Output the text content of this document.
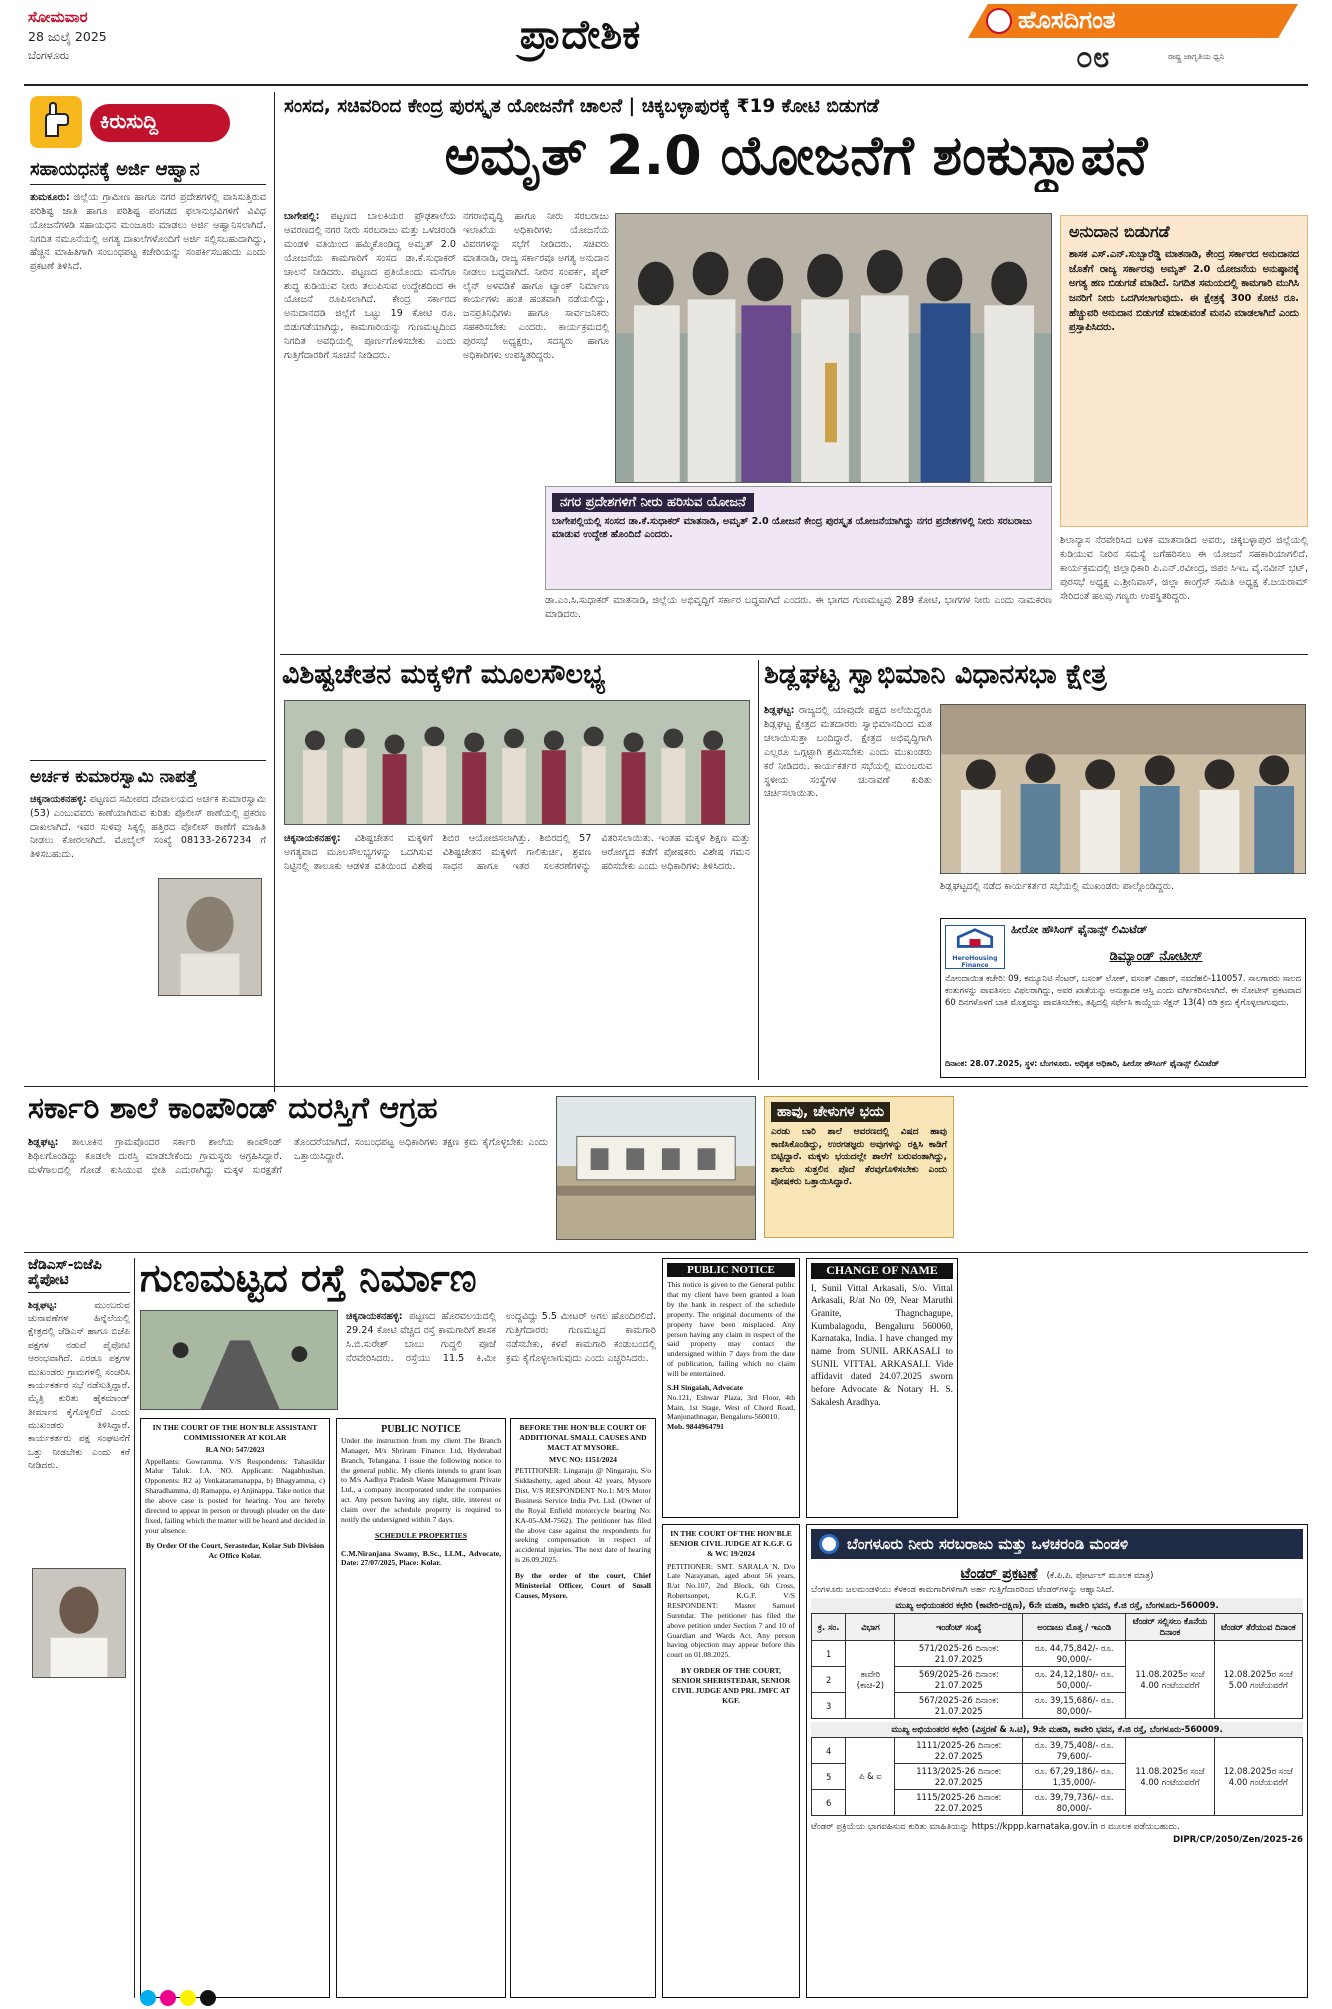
ಸೋಮವಾರ
28 ಜುಲೈ 2025
ಬೆಂಗಳೂರು	ಪ್ರಾದೇಶಿಕ	ಹೊಸದಿಗಂತ
೦೮	ರಾಷ್ಟ್ರ ಜಾಗೃತಿಯ ಧ್ವನಿ
ಕಿರುಸುದ್ದಿ
ಸಹಾಯಧನಕ್ಕೆ ಅರ್ಜಿ ಆಹ್ವಾನ
ತುಮಕೂರು: ಜಿಲ್ಲೆಯ ಗ್ರಾಮೀಣ ಹಾಗೂ ನಗರ ಪ್ರದೇಶಗಳಲ್ಲಿ ವಾಸಿಸುತ್ತಿರುವ ಪರಿಶಿಷ್ಟ ಜಾತಿ ಹಾಗೂ ಪರಿಶಿಷ್ಟ ಪಂಗಡದ ಫಲಾನುಭವಿಗಳಿಗೆ ವಿವಿಧ ಯೋಜನೆಗಳಡಿ ಸಹಾಯಧನ ಮಂಜೂರು ಮಾಡಲು ಅರ್ಜಿ ಆಹ್ವಾನಿಸಲಾಗಿದೆ. ನಿಗದಿತ ನಮೂನೆಯಲ್ಲಿ ಅಗತ್ಯ ದಾಖಲೆಗಳೊಂದಿಗೆ ಅರ್ಜಿ ಸಲ್ಲಿಸಬಹುದಾಗಿದ್ದು, ಹೆಚ್ಚಿನ ಮಾಹಿತಿಗಾಗಿ ಸಂಬಂಧಪಟ್ಟ ಕಚೇರಿಯನ್ನು ಸಂಪರ್ಕಿಸಬಹುದು ಎಂದು ಪ್ರಕಟಣೆ ತಿಳಿಸಿದೆ.
ಅರ್ಚಕ ಕುಮಾರಸ್ವಾಮಿ ನಾಪತ್ತೆ
ಚಿಕ್ಕನಾಯಕನಹಳ್ಳಿ: ಪಟ್ಟಣದ ಸಮೀಪದ ದೇವಾಲಯದ ಅರ್ಚಕ ಕುಮಾರಸ್ವಾಮಿ (53) ಎಂಬುವವರು ಕಾಣೆಯಾಗಿರುವ ಕುರಿತು ಪೊಲೀಸ್ ಠಾಣೆಯಲ್ಲಿ ಪ್ರಕರಣ ದಾಖಲಾಗಿದೆ. ಇವರ ಸುಳಿವು ಸಿಕ್ಕಲ್ಲಿ ಹತ್ತಿರದ ಪೊಲೀಸ್ ಠಾಣೆಗೆ ಮಾಹಿತಿ ನೀಡಲು ಕೋರಲಾಗಿದೆ. ಮೊಬೈಲ್ ಸಂಖ್ಯೆ 08133-267234 ಗೆ ತಿಳಿಸಬಹುದು.
ಸಂಸದ, ಸಚಿವರಿಂದ ಕೇಂದ್ರ ಪುರಸ್ಕೃತ ಯೋಜನೆಗೆ ಚಾಲನೆ | ಚಿಕ್ಕಬಳ್ಳಾಪುರಕ್ಕೆ ₹19 ಕೋಟಿ ಬಿಡುಗಡೆ
ಅಮೃತ್ 2.0 ಯೋಜನೆಗೆ ಶಂಕುಸ್ಥಾಪನೆ
ಬಾಗೇಪಲ್ಲಿ: ಪಟ್ಟಣದ ಬಾಲಕಿಯರ ಪ್ರೌಢಶಾಲೆಯ ಆವರಣದಲ್ಲಿ ನಗರ ನೀರು ಸರಬರಾಜು ಮತ್ತು ಒಳಚರಂಡಿ ಮಂಡಳಿ ವತಿಯಿಂದ ಹಮ್ಮಿಕೊಂಡಿದ್ದ ಅಮೃತ್ 2.0 ಯೋಜನೆಯ ಕಾಮಗಾರಿಗೆ ಸಂಸದ ಡಾ.ಕೆ.ಸುಧಾಕರ್ ಚಾಲನೆ ನೀಡಿದರು. ಪಟ್ಟಣದ ಪ್ರತಿಯೊಂದು ಮನೆಗೂ ಶುದ್ಧ ಕುಡಿಯುವ ನೀರು ತಲುಪಿಸುವ ಉದ್ದೇಶದಿಂದ ಈ ಯೋಜನೆ ರೂಪಿಸಲಾಗಿದೆ. ಕೇಂದ್ರ ಸರ್ಕಾರದ ಅನುದಾನದಡಿ ಜಿಲ್ಲೆಗೆ ಒಟ್ಟು 19 ಕೋಟಿ ರೂ. ಬಿಡುಗಡೆಯಾಗಿದ್ದು, ಕಾಮಗಾರಿಯನ್ನು ಗುಣಮಟ್ಟದಿಂದ ನಿಗದಿತ ಅವಧಿಯಲ್ಲಿ ಪೂರ್ಣಗೊಳಿಸಬೇಕು ಎಂದು ಗುತ್ತಿಗೆದಾರರಿಗೆ ಸೂಚನೆ ನೀಡಿದರು.
ನಗರಾಭಿವೃದ್ಧಿ ಹಾಗೂ ನೀರು ಸರಬರಾಜು ಇಲಾಖೆಯ ಅಧಿಕಾರಿಗಳು ಯೋಜನೆಯ ವಿವರಗಳನ್ನು ಸಭೆಗೆ ನೀಡಿದರು. ಸಚಿವರು ಮಾತನಾಡಿ, ರಾಜ್ಯ ಸರ್ಕಾರವೂ ಅಗತ್ಯ ಅನುದಾನ ನೀಡಲು ಬದ್ಧವಾಗಿದೆ. ನೀರಿನ ಸಂಪರ್ಕ, ಪೈಪ್ ಲೈನ್ ಅಳವಡಿಕೆ ಹಾಗೂ ಟ್ಯಾಂಕ್ ನಿರ್ಮಾಣ ಕಾರ್ಯಗಳು ಹಂತ ಹಂತವಾಗಿ ನಡೆಯಲಿದ್ದು, ಜನಪ್ರತಿನಿಧಿಗಳು ಹಾಗೂ ಸಾರ್ವಜನಿಕರು ಸಹಕರಿಸಬೇಕು ಎಂದರು. ಕಾರ್ಯಕ್ರಮದಲ್ಲಿ ಪುರಸಭೆ ಅಧ್ಯಕ್ಷರು, ಸದಸ್ಯರು ಹಾಗೂ ಅಧಿಕಾರಿಗಳು ಉಪಸ್ಥಿತರಿದ್ದರು.
ನಗರ ಪ್ರದೇಶಗಳಿಗೆ ನೀರು ಹರಿಸುವ ಯೋಜನೆ
ಬಾಗೇಪಲ್ಲಿಯಲ್ಲಿ ಸಂಸದ ಡಾ.ಕೆ.ಸುಧಾಕರ್ ಮಾತನಾಡಿ, ಅಮೃತ್ 2.0 ಯೋಜನೆ ಕೇಂದ್ರ ಪುರಸ್ಕೃತ ಯೋಜನೆಯಾಗಿದ್ದು ನಗರ ಪ್ರದೇಶಗಳಲ್ಲಿ ನೀರು ಸರಬರಾಜು ಮಾಡುವ ಉದ್ದೇಶ ಹೊಂದಿದೆ ಎಂದರು.
ಡಾ.ಎಂ.ಸಿ.ಸುಧಾಕರ್ ಮಾತನಾಡಿ, ಜಿಲ್ಲೆಯ ಅಭಿವೃದ್ಧಿಗೆ ಸರ್ಕಾರ ಬದ್ಧವಾಗಿದೆ ಎಂದರು. ಈ ಭಾಗದ ಗುಣಮಟ್ಟವು 289 ಕೋಟಿ, ಭಾಗಗಳ ನೀರು ಎಂದು ನಾಮಕರಣ ಮಾಡಿದರು.
ಅನುದಾನ ಬಿಡುಗಡೆ
ಶಾಸಕ ಎಸ್.ಎನ್.ಸುಬ್ಬಾರೆಡ್ಡಿ ಮಾತನಾಡಿ, ಕೇಂದ್ರ ಸರ್ಕಾರದ ಅನುದಾನದ ಜೊತೆಗೆ ರಾಜ್ಯ ಸರ್ಕಾರವು ಅಮೃತ್ 2.0 ಯೋಜನೆಯ ಅನುಷ್ಠಾನಕ್ಕೆ ಅಗತ್ಯ ಹಣ ಬಿಡುಗಡೆ ಮಾಡಿದೆ. ನಿಗದಿತ ಸಮಯದಲ್ಲಿ ಕಾಮಗಾರಿ ಮುಗಿಸಿ ಜನರಿಗೆ ನೀರು ಒದಗಿಸಲಾಗುವುದು. ಈ ಕ್ಷೇತ್ರಕ್ಕೆ 300 ಕೋಟಿ ರೂ. ಹೆಚ್ಚುವರಿ ಅನುದಾನ ಬಿಡುಗಡೆ ಮಾಡುವಂತೆ ಮನವಿ ಮಾಡಲಾಗಿದೆ ಎಂದು ಪ್ರಸ್ತಾಪಿಸಿದರು.
ಶಿಲಾನ್ಯಾಸ ನೆರವೇರಿಸಿದ ಬಳಿಕ ಮಾತನಾಡಿದ ಅವರು, ಚಿಕ್ಕಬಳ್ಳಾಪುರ ಜಿಲ್ಲೆಯಲ್ಲಿ ಕುಡಿಯುವ ನೀರಿನ ಸಮಸ್ಯೆ ಬಗೆಹರಿಸಲು ಈ ಯೋಜನೆ ಸಹಕಾರಿಯಾಗಲಿದೆ. ಕಾರ್ಯಕ್ರಮದಲ್ಲಿ ಜಿಲ್ಲಾಧಿಕಾರಿ ಪಿ.ಎನ್.ರವೀಂದ್ರ, ಜಿಪಂ ಸಿಇಒ ವೈ.ನವೀನ್ ಭಟ್, ಪುರಸಭೆ ಅಧ್ಯಕ್ಷ ಎ.ಶ್ರೀನಿವಾಸ್, ಜಿಲ್ಲಾ ಕಾಂಗ್ರೆಸ್ ಸಮಿತಿ ಅಧ್ಯಕ್ಷ ಕೆ.ಜಯರಾಮ್ ಸೇರಿದಂತೆ ಹಲವು ಗಣ್ಯರು ಉಪಸ್ಥಿತರಿದ್ದರು.
ವಿಶಿಷ್ಟಚೇತನ ಮಕ್ಕಳಿಗೆ ಮೂಲಸೌಲಭ್ಯ
ಚಿಕ್ಕನಾಯಕನಹಳ್ಳಿ: ವಿಶಿಷ್ಟಚೇತನ ಮಕ್ಕಳಿಗೆ ಅಗತ್ಯವಾದ ಮೂಲಸೌಲಭ್ಯಗಳನ್ನು ಒದಗಿಸುವ ನಿಟ್ಟಿನಲ್ಲಿ ತಾಲೂಕು ಆಡಳಿತ ವತಿಯಿಂದ ವಿಶೇಷ ಶಿಬಿರ ಆಯೋಜಿಸಲಾಗಿತ್ತು. ಶಿಬಿರದಲ್ಲಿ 57 ವಿಶಿಷ್ಟಚೇತನ ಮಕ್ಕಳಿಗೆ ಗಾಲಿಕುರ್ಚಿ, ಶ್ರವಣ ಸಾಧನ ಹಾಗೂ ಇತರ ಸಲಕರಣೆಗಳನ್ನು ವಿತರಿಸಲಾಯಿತು. ಇಂತಹ ಮಕ್ಕಳ ಶಿಕ್ಷಣ ಮತ್ತು ಆರೋಗ್ಯದ ಕಡೆಗೆ ಪೋಷಕರು ವಿಶೇಷ ಗಮನ ಹರಿಸಬೇಕು ಎಂದು ಅಧಿಕಾರಿಗಳು ತಿಳಿಸಿದರು.
ಶಿಡ್ಲಘಟ್ಟ ಸ್ವಾಭಿಮಾನಿ ವಿಧಾನಸಭಾ ಕ್ಷೇತ್ರ
ಶಿಡ್ಲಘಟ್ಟ: ರಾಜ್ಯದಲ್ಲಿ ಯಾವುದೇ ಪಕ್ಷದ ಅಲೆಯಿದ್ದರೂ ಶಿಡ್ಲಘಟ್ಟ ಕ್ಷೇತ್ರದ ಮತದಾರರು ಸ್ವಾಭಿಮಾನದಿಂದ ಮತ ಚಲಾಯಿಸುತ್ತಾ ಬಂದಿದ್ದಾರೆ. ಕ್ಷೇತ್ರದ ಅಭಿವೃದ್ಧಿಗಾಗಿ ಎಲ್ಲರೂ ಒಗ್ಗಟ್ಟಾಗಿ ಶ್ರಮಿಸಬೇಕು ಎಂದು ಮುಖಂಡರು ಕರೆ ನೀಡಿದರು. ಕಾರ್ಯಕರ್ತರ ಸಭೆಯಲ್ಲಿ ಮುಂಬರುವ ಸ್ಥಳೀಯ ಸಂಸ್ಥೆಗಳ ಚುನಾವಣೆ ಕುರಿತು ಚರ್ಚಿಸಲಾಯಿತು.
ಶಿಡ್ಲಘಟ್ಟದಲ್ಲಿ ನಡೆದ ಕಾರ್ಯಕರ್ತರ ಸಭೆಯಲ್ಲಿ ಮುಖಂಡರು ಪಾಲ್ಗೊಂಡಿದ್ದರು.
HeroHousing Finance
ಹೀರೋ ಹೌಸಿಂಗ್ ಫೈನಾನ್ಸ್ ಲಿಮಿಟೆಡ್
ಡಿಮ್ಯಾಂಡ್ ನೋಟೀಸ್
ನೋಂದಾಯಿತ ಕಚೇರಿ: 09, ಕಮ್ಯೂನಿಟಿ ಸೆಂಟರ್, ಬಸಂತ್ ಲೋಕ್, ವಸಂತ್ ವಿಹಾರ್, ನವದೆಹಲಿ-110057. ಸಾಲಗಾರರು ಸಾಲದ ಕಂತುಗಳನ್ನು ಪಾವತಿಸಲು ವಿಫಲರಾಗಿದ್ದು, ಅವರ ಖಾತೆಯನ್ನು ಅನುತ್ಪಾದಕ ಆಸ್ತಿ ಎಂದು ವರ್ಗೀಕರಿಸಲಾಗಿದೆ. ಈ ನೋಟೀಸ್ ಪ್ರಕಟವಾದ 60 ದಿನಗಳೊಳಗೆ ಬಾಕಿ ಮೊತ್ತವನ್ನು ಪಾವತಿಸಬೇಕು, ತಪ್ಪಿದಲ್ಲಿ ಸರ್ಫೇಸಿ ಕಾಯ್ದೆಯ ಸೆಕ್ಷನ್ 13(4) ರಡಿ ಕ್ರಮ ಕೈಗೊಳ್ಳಲಾಗುವುದು.
ದಿನಾಂಕ: 28.07.2025, ಸ್ಥಳ: ಬೆಂಗಳೂರು. ಅಧಿಕೃತ ಅಧಿಕಾರಿ, ಹೀರೋ ಹೌಸಿಂಗ್ ಫೈನಾನ್ಸ್ ಲಿಮಿಟೆಡ್
ಸರ್ಕಾರಿ ಶಾಲೆ ಕಾಂಪೌಂಡ್ ದುರಸ್ತಿಗೆ ಆಗ್ರಹ
ಶಿಡ್ಲಘಟ್ಟ: ತಾಲೂಕಿನ ಗ್ರಾಮವೊಂದರ ಸರ್ಕಾರಿ ಶಾಲೆಯ ಕಾಂಪೌಂಡ್ ಶಿಥಿಲಗೊಂಡಿದ್ದು ಕೂಡಲೇ ದುರಸ್ತಿ ಮಾಡಬೇಕೆಂದು ಗ್ರಾಮಸ್ಥರು ಆಗ್ರಹಿಸಿದ್ದಾರೆ. ಮಳೆಗಾಲದಲ್ಲಿ ಗೋಡೆ ಕುಸಿಯುವ ಭೀತಿ ಎದುರಾಗಿದ್ದು ಮಕ್ಕಳ ಸುರಕ್ಷತೆಗೆ ತೊಂದರೆಯಾಗಿದೆ. ಸಂಬಂಧಪಟ್ಟ ಅಧಿಕಾರಿಗಳು ತಕ್ಷಣ ಕ್ರಮ ಕೈಗೊಳ್ಳಬೇಕು ಎಂದು ಒತ್ತಾಯಿಸಿದ್ದಾರೆ.
ಹಾವು, ಚೇಳುಗಳ ಭಯ
ಎರಡು ಬಾರಿ ಶಾಲೆ ಆವರಣದಲ್ಲಿ ವಿಷದ ಹಾವು ಕಾಣಿಸಿಕೊಂಡಿದ್ದು, ಉರಗತಜ್ಞರು ಅವುಗಳನ್ನು ರಕ್ಷಿಸಿ ಕಾಡಿಗೆ ಬಿಟ್ಟಿದ್ದಾರೆ. ಮಕ್ಕಳು ಭಯದಲ್ಲೇ ಶಾಲೆಗೆ ಬರುವಂತಾಗಿದ್ದು, ಶಾಲೆಯ ಸುತ್ತಲಿನ ಪೊದೆ ತೆರವುಗೊಳಿಸಬೇಕು ಎಂದು ಪೋಷಕರು ಒತ್ತಾಯಿಸಿದ್ದಾರೆ.
ಜೆಡಿಎಸ್-ಬಿಜೆಪಿ ಪೈಪೋಟಿ
ಶಿಡ್ಲಘಟ್ಟ:	ಮುಂಬರುವ ಚುನಾವಣೆಗಳ ಹಿನ್ನೆಲೆಯಲ್ಲಿ ಕ್ಷೇತ್ರದಲ್ಲಿ ಜೆಡಿಎಸ್ ಹಾಗೂ ಬಿಜೆಪಿ ಪಕ್ಷಗಳ ನಡುವೆ ಪೈಪೋಟಿ ಆರಂಭವಾಗಿದೆ. ಎರಡೂ ಪಕ್ಷಗಳ ಮುಖಂಡರು ಗ್ರಾಮಗಳಲ್ಲಿ ಸಂಚರಿಸಿ ಕಾರ್ಯಕರ್ತರ ಸಭೆ ನಡೆಸುತ್ತಿದ್ದಾರೆ. ಮೈತ್ರಿ ಕುರಿತು ಹೈಕಮಾಂಡ್ ತೀರ್ಮಾನ ಕೈಗೊಳ್ಳಲಿದೆ ಎಂದು ಮುಖಂಡರು ತಿಳಿಸಿದ್ದಾರೆ. ಕಾರ್ಯಕರ್ತರು ಪಕ್ಷ ಸಂಘಟನೆಗೆ ಒತ್ತು ನೀಡಬೇಕು ಎಂದು ಕರೆ ನೀಡಿದರು.
ಗುಣಮಟ್ಟದ ರಸ್ತೆ ನಿರ್ಮಾಣ
ಚಿಕ್ಕನಾಯಕನಹಳ್ಳಿ: ಪಟ್ಟಣದ ಹೊರವಲಯದಲ್ಲಿ 29.24 ಕೋಟಿ ವೆಚ್ಚದ ರಸ್ತೆ ಕಾಮಗಾರಿಗೆ ಶಾಸಕ ಸಿ.ಬಿ.ಸುರೇಶ್ ಬಾಬು ಗುದ್ದಲಿ ಪೂಜೆ ನೆರವೇರಿಸಿದರು. ರಸ್ತೆಯು 11.5 ಕಿ.ಮೀ ಉದ್ದವಿದ್ದು 5.5 ಮೀಟರ್ ಅಗಲ ಹೊಂದಿರಲಿದೆ. ಗುತ್ತಿಗೆದಾರರು ಗುಣಮಟ್ಟದ ಕಾಮಗಾರಿ ನಡೆಸಬೇಕು, ಕಳಪೆ ಕಾಮಗಾರಿ ಕಂಡುಬಂದಲ್ಲಿ ಕ್ರಮ ಕೈಗೊಳ್ಳಲಾಗುವುದು ಎಂದು ಎಚ್ಚರಿಸಿದರು.
IN THE COURT OF THE HON'BLE ASSISTANT COMMISSIONER AT KOLAR
R.A NO: 547/2023
Appellants: Gowramma. V/S Respondents: Tahasildar Malur Taluk. I.A. NO. Applicant: Nagabhushan. Opponents: R2 a) Venkataramanappa, b) Bhagyamma, c) Sharadhamma, d) Ramappa, e) Anjinappa. Take notice that the above case is posted for hearing. You are hereby directed to appear in person or through pleader on the date fixed, failing which the matter will be heard and decided in your absence.
By Order Of the Court, Serastedar, Kolar Sub Division Ac Office Kolar.
PUBLIC NOTICE
Under the instruction from my client The Branch Manager, M/s Shriram Finance Ltd, Hyderabad Branch, Telangana. I issue the following notice to the general public. My clients intends to grant loan to M/s Aadhya Pradesh Waste Management Private Ltd., a company incorporated under the companies act. Any person having any right, title, interest or claim over the schedule property is required to notify the undersigned within 7 days.
SCHEDULE PROPERTIES
C.M.Niranjana Swamy, B.Sc., LLM., Advocate, Date: 27/07/2025, Place: Kolar.
BEFORE THE HON'BLE COURT OF ADDITIONAL SMALL CAUSES AND MACT AT MYSORE.
MVC NO: 1151/2024
PETITIONER: Lingaraju @ Ningaraju, S/o Siddashetty, aged about 42 years, Mysore Dist. V/S RESPONDENT No.1: M/S Motor Business Service India Pvt. Ltd. (Owner of the Royal Enfield motorcycle bearing No: KA-05-AM-7562). The petitioner has filed the above case against the respondents for seeking compensation in respect of accidental injuries. The next date of hearing is 26.09.2025.
By the order of the court, Chief Ministerial Officer, Court of Small Causes, Mysore.
PUBLIC NOTICE
This notice is given to the General public that my client have been granted a loan by the bank in respect of the schedule property. The original documents of the property have been misplaced. Any person having any claim in respect of the said property may contact the undersigned within 7 days from the date of publication, failing which no claim will be entertained.
S.H Singaiah, Advocate
No.121, Eshwar Plaza, 3rd Floor, 4th Main, 1st Stage, West of Chord Road, Manjunathnagar, Bengaluru-560010.
Mob. 9844964791
IN THE COURT OF THE HON'BLE SENIOR CIVIL JUDGE AT K.G.F. G & WC 19/2024
PETITIONER: SMT. SARALA N. D/o Late Narayanan, aged about 56 years, R/at No.107, 2nd Block, 6th Cross, Robertsonpet, K.G.F. V/S RESPONDENT: Master Samuel Surendar. The petitioner has filed the above petition under Section 7 and 10 of Guardian and Wards Act. Any person having objection may appear before this court on 01.08.2025.
BY ORDER OF THE COURT, SENIOR SHERISTEDAR, SENIOR CIVIL JUDGE AND PRL JMFC AT KGF.
CHANGE OF NAME
I, Sunil Vittal Arkasali, S/o. Vittal Arkasali, R/at No 09, Near Maruthi Granite, Thagnchagupe, Kumbalagodu, Bengaluru 560060, Karnataka, India. I have changed my name from SUNIL ARKASALI to SUNIL VITTAL ARKASALI. Vide affidavit dated 24.07.2025 sworn before Advocate & Notary H. S. Sakalesh Aradhya.
ಬೆಂಗಳೂರು ನೀರು ಸರಬರಾಜು ಮತ್ತು ಒಳಚರಂಡಿ ಮಂಡಳಿ
ಟೆಂಡರ್ ಪ್ರಕಟಣೆ (ಕೆ.ಪಿ.ಪಿ. ಪೋರ್ಟಲ್ ಮೂಲಕ ಮಾತ್ರ)
ಬೆಂಗಳೂರು ಜಲಮಂಡಳಿಯು ಕೆಳಕಂಡ ಕಾಮಗಾರಿಗಳಿಗಾಗಿ ಅರ್ಹ ಗುತ್ತಿಗೆದಾರರಿಂದ ಟೆಂಡರ್‌ಗಳನ್ನು ಆಹ್ವಾನಿಸಿದೆ.
ಮುಖ್ಯ ಅಭಿಯಂತರರ ಕಛೇರಿ (ಕಾವೇರಿ-ದಕ್ಷಿಣ), 6ನೇ ಮಹಡಿ, ಕಾವೇರಿ ಭವನ, ಕೆ.ಜಿ ರಸ್ತೆ, ಬೆಂಗಳೂರು-560009.
ಕ್ರ. ಸಂ.	ವಿಭಾಗ	ಇಂಡೆಂಟ್ ಸಂಖ್ಯೆ	ಅಂದಾಜು ಮೊತ್ತ / ಇಎಂಡಿ	ಟೆಂಡರ್ ಸಲ್ಲಿಸಲು ಕೊನೆಯ ದಿನಾಂಕ	ಟೆಂಡರ್ ತೆರೆಯುವ ದಿನಾಂಕ
1	ಕಾವೇರಿ (ಕಾಚಿ-2)	571/2025-26 ದಿನಾಂಕ: 21.07.2025	ರೂ. 44,75,842/- ರೂ. 90,000/-	11.08.2025ರ ಸಂಜೆ 4.00 ಗಂಟೆಯವರೆಗೆ	12.08.2025ರ ಸಂಜೆ 5.00 ಗಂಟೆಯವರೆಗೆ
2		569/2025-26 ದಿನಾಂಕ: 21.07.2025	ರೂ. 24,12,180/- ರೂ. 50,000/-		
3		567/2025-26 ದಿನಾಂಕ: 21.07.2025	ರೂ. 39,15,686/- ರೂ. 80,000/-		
ಮುಖ್ಯ ಅಭಿಯಂತರರ ಕಛೇರಿ (ವಿಸ್ತರಣೆ & ಸಿ.ಟಿ), 9ನೇ ಮಹಡಿ, ಕಾವೇರಿ ಭವನ, ಕೆ.ಜಿ ರಸ್ತೆ, ಬೆಂಗಳೂರು-560009.
4	ಪಿ & ಐ	1111/2025-26 ದಿನಾಂಕ: 22.07.2025	ರೂ. 39,75,408/- ರೂ. 79,600/-	11.08.2025ರ ಸಂಜೆ 4.00 ಗಂಟೆಯವರೆಗೆ	12.08.2025ರ ಸಂಜೆ 4.00 ಗಂಟೆಯವರೆಗೆ
5		1113/2025-26 ದಿನಾಂಕ: 22.07.2025	ರೂ. 67,29,186/- ರೂ. 1,35,000/-		
6		1115/2025-26 ದಿನಾಂಕ: 22.07.2025	ರೂ. 39,79,736/- ರೂ. 80,000/-		
ಟೆಂಡರ್ ಪ್ರಕ್ರಿಯೆಯ ಭಾಗವಹಿಸುವ ಕುರಿತು ಮಾಹಿತಿಯನ್ನು https://kppp.karnataka.gov.in ರ ಮೂಲಕ ಪಡೆಯಬಹುದು.
DIPR/CP/2050/Zen/2025-26
